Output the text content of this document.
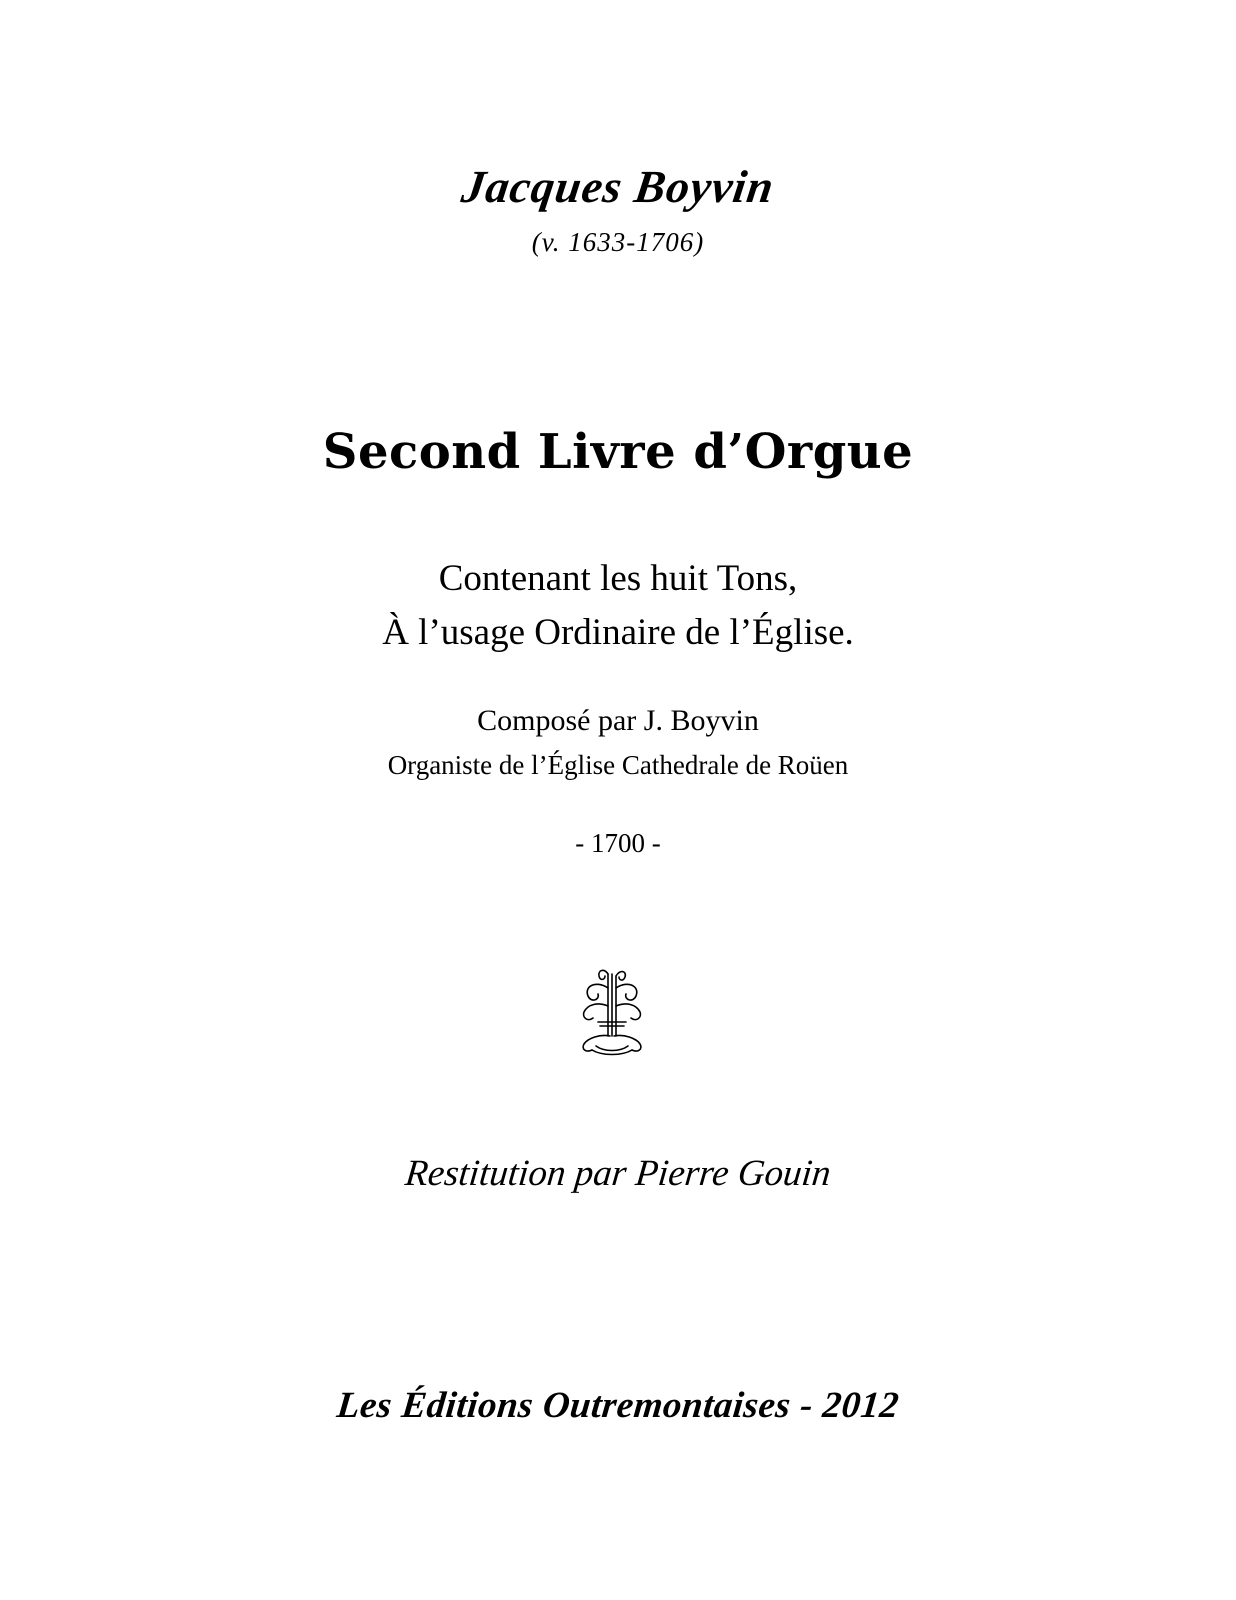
Jacques Boyvin
(v. 1633-1706)
Second Livre d’Orgue
Contenant les huit Tons,
À l’usage Ordinaire de l’Église.
Composé par J. Boyvin
Organiste de l’Église Cathedrale de Roüen
- 1700 -
Restitution par Pierre Gouin
Les Éditions Outremontaises - 2012
